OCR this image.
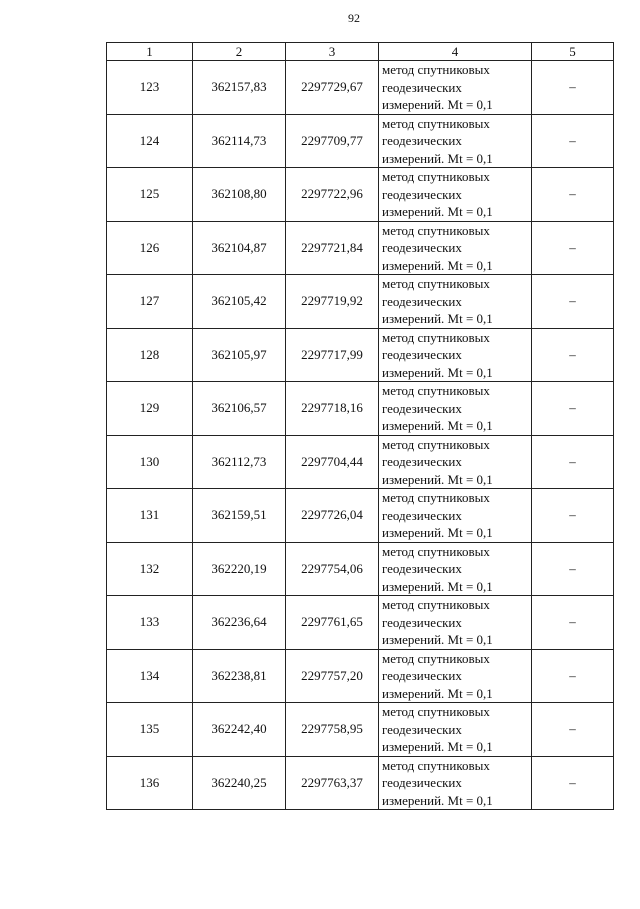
92
1	2	3	4	5
123	362157,83	2297729,67	метод спутниковых
геодезических
измерений. Mt = 0,1	–
124	362114,73	2297709,77	метод спутниковых
геодезических
измерений. Mt = 0,1	–
125	362108,80	2297722,96	метод спутниковых
геодезических
измерений. Mt = 0,1	–
126	362104,87	2297721,84	метод спутниковых
геодезических
измерений. Mt = 0,1	–
127	362105,42	2297719,92	метод спутниковых
геодезических
измерений. Mt = 0,1	–
128	362105,97	2297717,99	метод спутниковых
геодезических
измерений. Mt = 0,1	–
129	362106,57	2297718,16	метод спутниковых
геодезических
измерений. Mt = 0,1	–
130	362112,73	2297704,44	метод спутниковых
геодезических
измерений. Mt = 0,1	–
131	362159,51	2297726,04	метод спутниковых
геодезических
измерений. Mt = 0,1	–
132	362220,19	2297754,06	метод спутниковых
геодезических
измерений. Mt = 0,1	–
133	362236,64	2297761,65	метод спутниковых
геодезических
измерений. Mt = 0,1	–
134	362238,81	2297757,20	метод спутниковых
геодезических
измерений. Mt = 0,1	–
135	362242,40	2297758,95	метод спутниковых
геодезических
измерений. Mt = 0,1	–
136	362240,25	2297763,37	метод спутниковых
геодезических
измерений. Mt = 0,1	–
